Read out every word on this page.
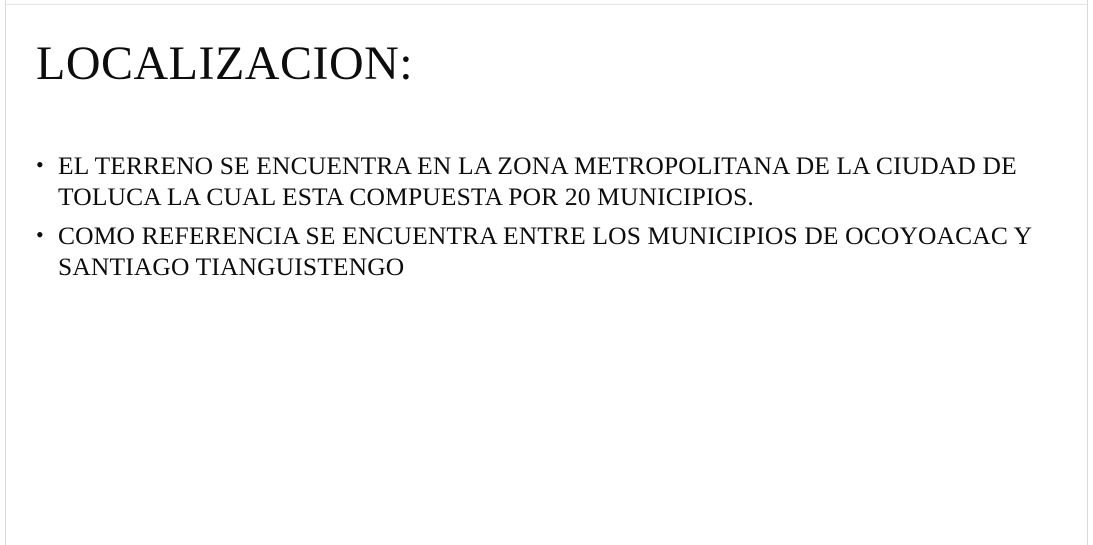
LOCALIZACION:
• EL TERRENO SE ENCUENTRA EN LA ZONA METROPOLITANA DE LA CIUDAD DE TOLUCA LA CUAL ESTA COMPUESTA POR 20 MUNICIPIOS.
• COMO REFERENCIA SE ENCUENTRA ENTRE LOS MUNICIPIOS DE OCOYOACAC Y SANTIAGO TIANGUISTENGO
